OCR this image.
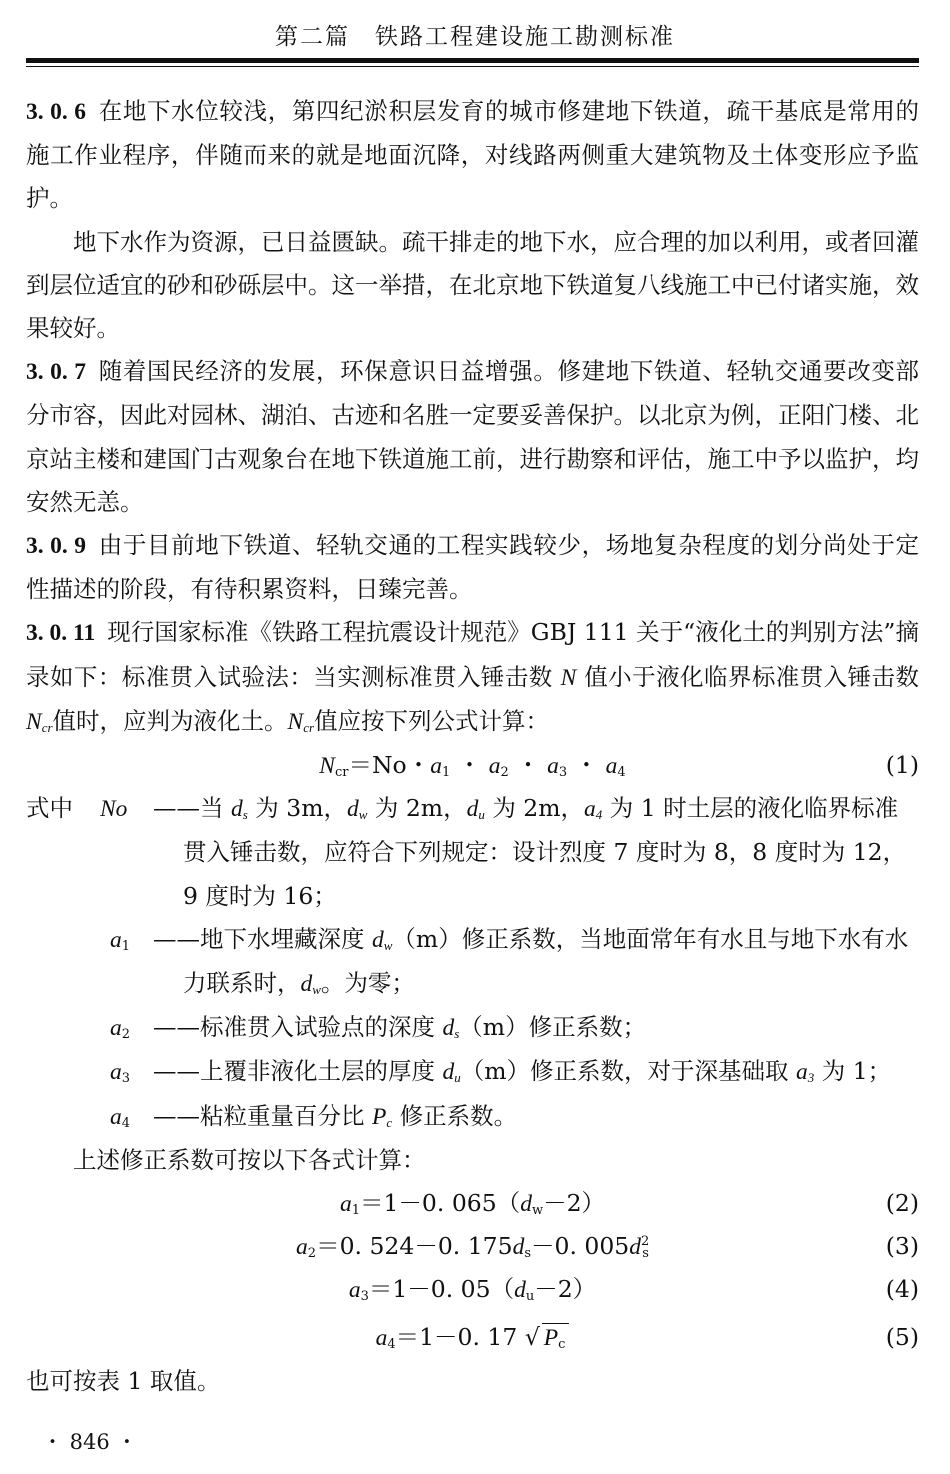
第二篇　铁路工程建设施工勘测标准

3. 0. 6 在地下水位较浅，第四纪淤积层发育的城市修建地下铁道，疏干基底是常用的施工作业程序，伴随而来的就是地面沉降，对线路两侧重大建筑物及土体变形应予监护。

地下水作为资源，已日益匮缺。疏干排走的地下水，应合理的加以利用，或者回灌到层位适宜的砂和砂砾层中。这一举措，在北京地下铁道复八线施工中已付诸实施，效果较好。

3. 0. 7 随着国民经济的发展，环保意识日益增强。修建地下铁道、轻轨交通要改变部分市容，因此对园林、湖泊、古迹和名胜一定要妥善保护。以北京为例，正阳门楼、北京站主楼和建国门古观象台在地下铁道施工前，进行勘察和评估，施工中予以监护，均安然无恙。

3. 0. 9 由于目前地下铁道、轻轨交通的工程实践较少，场地复杂程度的划分尚处于定性描述的阶段，有待积累资料，日臻完善。

3. 0. 11 现行国家标准《铁路工程抗震设计规范》GBJ 111 关于“液化土的判别方法”摘录如下：标准贯入试验法：当实测标准贯入锤击数 N 值小于液化临界标准贯入锤击数 $N_{cr}$值时，应判为液化土。$N_{cr}$值应按下列公式计算：

$N_{cr}=No$・$a_1$ ・ $a_2$ ・ $a_3$ ・ $a_4$	(1)
式中 No ——当 $d_s$ 为 3m，$d_w$ 为 2m，$d_u$ 为 2m，$a_4$ 为 1 时土层的液化临界标准贯入锤击数，应符合下列规定：设计烈度 7 度时为 8，8 度时为 12，9 度时为 16；
$a_1$ ——地下水埋藏深度 $d_w(m)$修正系数，当地面常年有水且与地下水有水力联系时，$d_w$。为零；
$a_2$ ——标准贯入试验点的深度 $d_s(m)$修正系数；
$a_3$ ——上覆非液化土层的厚度 $d_u(m)$修正系数，对于深基础取 $a_3$ 为 1；
$a_4$ ——粘粒重量百分比 $P_c$ 修正系数。

上述修正系数可按以下各式计算：

$a_1=1-0$. $065(d_w-2)$	(2)
$a_2=0$. 524－0. $175d_s-0$. $005d^2_s$	(3)
$a_3=1-0$. $05(d_u-2)$	(4)
$a_4=1-0$. 17 √ $P_c$	(5)

也可按表 1 取值。

・ 846 ・
